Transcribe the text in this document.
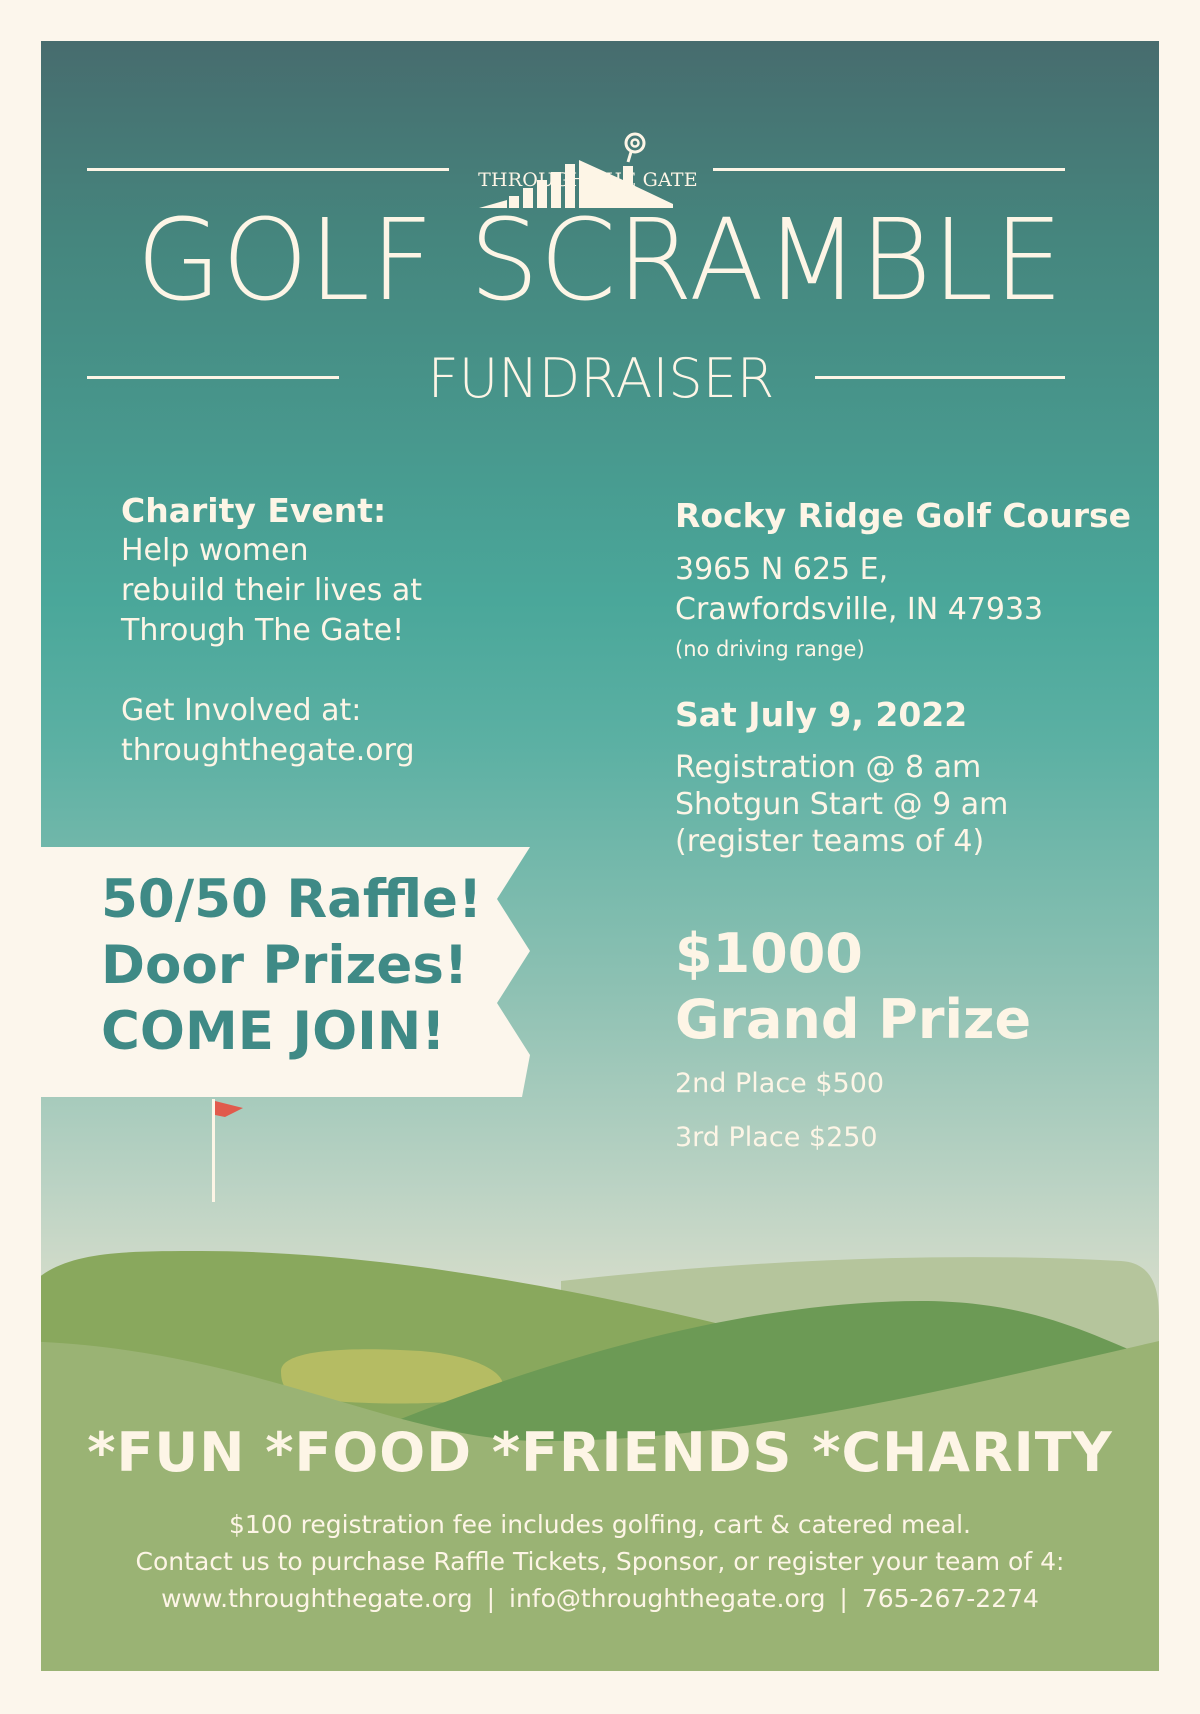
THROUGH THE GATE
GOLF SCRAMBLE
FUNDRAISER
Charity Event:
Help women
rebuild their lives at
Through The Gate!
Get Involved at:
throughthegate.org
Rocky Ridge Golf Course
3965 N 625 E,
Crawfordsville, IN 47933
(no driving range)
Sat July 9, 2022
Registration @ 8 am
Shotgun Start @ 9 am
(register teams of 4)
$1000
Grand Prize
2nd Place $500
3rd Place $250
50/50 Raffle!
Door Prizes!
COME JOIN!
*FUN *FOOD *FRIENDS *CHARITY
$100 registration fee includes golfing, cart & catered meal.
Contact us to purchase Raffle Tickets, Sponsor, or register your team of 4:
www.throughthegate.org | info@throughthegate.org | 765-267-2274
